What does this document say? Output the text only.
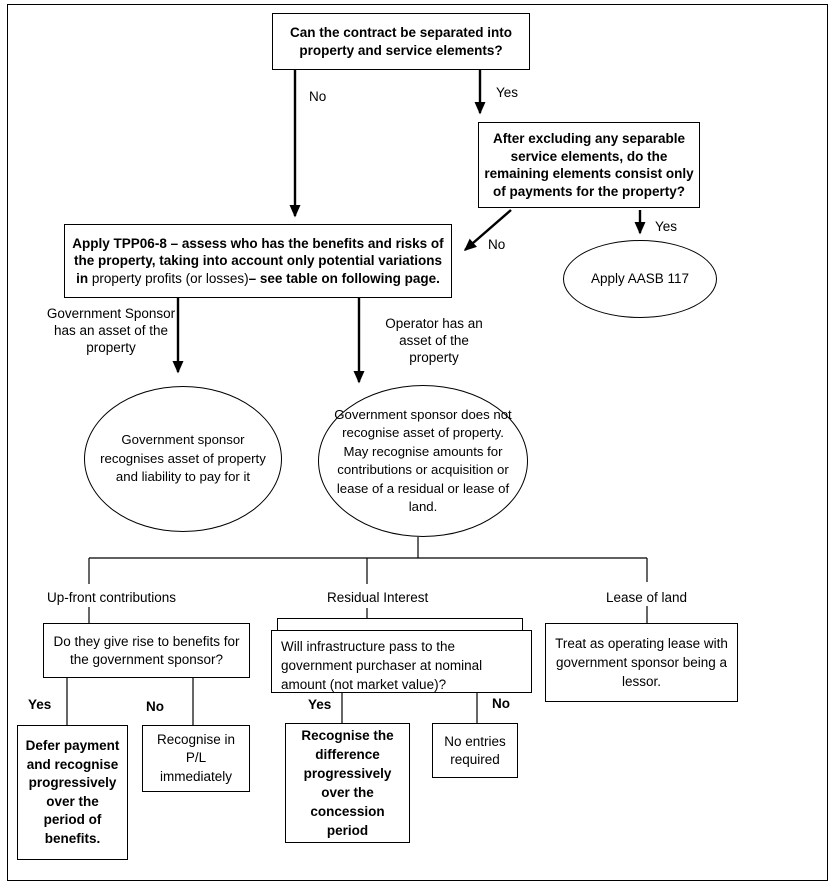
Can the contract be separated into property and service elements?
No	Yes
After excluding any separable service elements, do the remaining elements consist only of payments for the property?
No
Yes
Apply AASB 117
Apply TPP06-8 – assess who has the benefits and risks of the property, taking into account only potential variations in property profits (or losses)– see table on following page.
Government Sponsor has an asset of the property
Operator has an asset of the property
Government sponsor recognises asset of property and liability to pay for it
Government sponsor does not recognise asset of property. May recognise amounts for contributions or acquisition or lease of a residual or lease of land.
Up-front contributions	Residual Interest	Lease of land
Do they give rise to benefits for the government sponsor?
Yes	No
Defer payment and recognise progressively over the period of benefits.
Recognise in P/L immediately
Will infrastructure pass to the government purchaser at nominal amount (not market value)?
Yes	No
Recognise the difference progressively over the concession period
No entries required
Treat as operating lease with government sponsor being a lessor.
